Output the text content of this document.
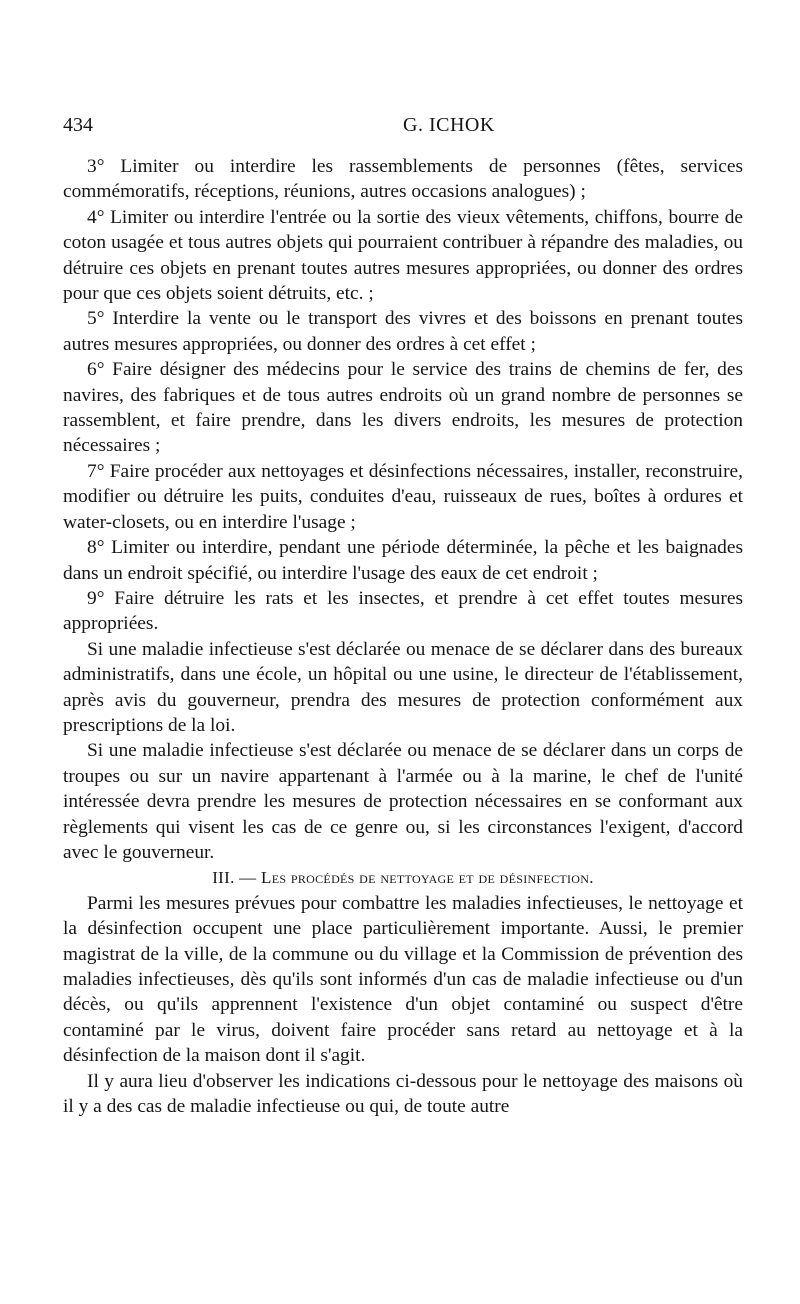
434	G. ICHOK

3° Limiter ou interdire les rassemblements de personnes (fêtes, services commémoratifs, réceptions, réunions, autres occasions analogues) ;

4° Limiter ou interdire l'entrée ou la sortie des vieux vêtements, chiffons, bourre de coton usagée et tous autres objets qui pourraient contribuer à répandre des maladies, ou détruire ces objets en prenant toutes autres mesures appropriées, ou donner des ordres pour que ces objets soient détruits, etc. ;

5° Interdire la vente ou le transport des vivres et des boissons en prenant toutes autres mesures appropriées, ou donner des ordres à cet effet ;

6° Faire désigner des médecins pour le service des trains de chemins de fer, des navires, des fabriques et de tous autres endroits où un grand nombre de personnes se rassemblent, et faire prendre, dans les divers endroits, les mesures de protection nécessaires ;

7° Faire procéder aux nettoyages et désinfections nécessaires, installer, reconstruire, modifier ou détruire les puits, conduites d'eau, ruisseaux de rues, boîtes à ordures et water-closets, ou en interdire l'usage ;

8° Limiter ou interdire, pendant une période déterminée, la pêche et les baignades dans un endroit spécifié, ou interdire l'usage des eaux de cet endroit ;

9° Faire détruire les rats et les insectes, et prendre à cet effet toutes mesures appropriées.

Si une maladie infectieuse s'est déclarée ou menace de se déclarer dans des bureaux administratifs, dans une école, un hôpital ou une usine, le directeur de l'établissement, après avis du gouverneur, prendra des mesures de protection conformément aux prescriptions de la loi.

Si une maladie infectieuse s'est déclarée ou menace de se déclarer dans un corps de troupes ou sur un navire appartenant à l'armée ou à la marine, le chef de l'unité intéressée devra prendre les mesures de protection nécessaires en se conformant aux règlements qui visent les cas de ce genre ou, si les circonstances l'exigent, d'accord avec le gouverneur.

III. — Les procédés de nettoyage et de désinfection.

Parmi les mesures prévues pour combattre les maladies infectieuses, le nettoyage et la désinfection occupent une place particulièrement importante. Aussi, le premier magistrat de la ville, de la commune ou du village et la Commission de prévention des maladies infectieuses, dès qu'ils sont informés d'un cas de maladie infectieuse ou d'un décès, ou qu'ils apprennent l'existence d'un objet contaminé ou suspect d'être contaminé par le virus, doivent faire procéder sans retard au nettoyage et à la désinfection de la maison dont il s'agit.

Il y aura lieu d'observer les indications ci-dessous pour le nettoyage des maisons où il y a des cas de maladie infectieuse ou qui, de toute autre
